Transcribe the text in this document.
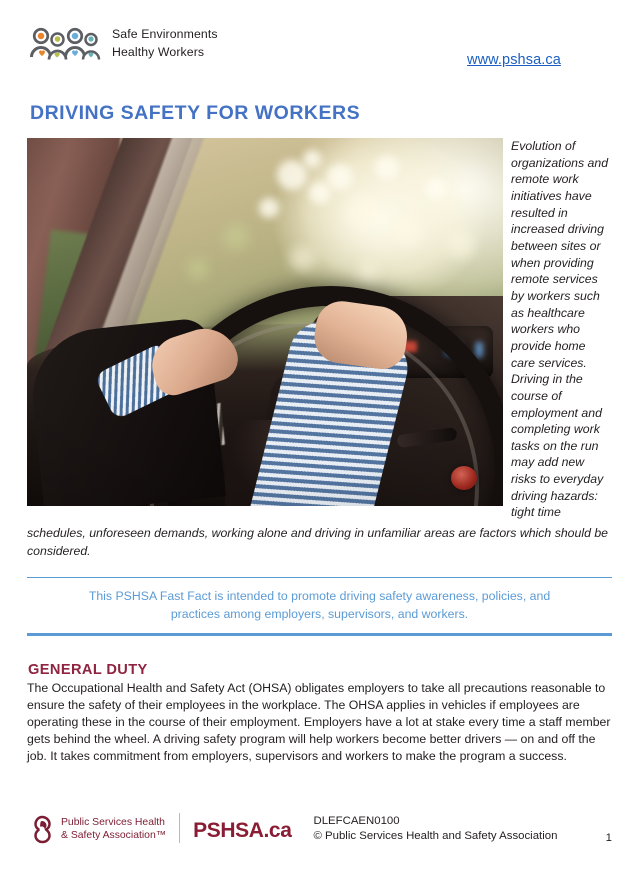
Safe Environments
Healthy Workers	www.pshsa.ca
DRIVING SAFETY FOR WORKERS

Evolution of organizations and remote work initiatives have resulted in increased driving between sites or when providing remote services by workers such as healthcare workers who provide home care services. Driving in the course of employment and completing work tasks on the run may add new risks to everyday driving hazards: tight time

schedules, unforeseen demands, working alone and driving in unfamiliar areas are factors which should be considered.

This PSHSA Fast Fact is intended to promote driving safety awareness, policies, and practices among employers, supervisors, and workers.
GENERAL DUTY

The Occupational Health and Safety Act (OHSA) obligates employers to take all precautions reasonable to ensure the safety of their employees in the workplace. The OHSA applies in vehicles if employees are operating these in the course of their employment. Employers have a lot at stake every time a staff member gets behind the wheel. A driving safety program will help workers become better drivers — on and off the job. It takes commitment from employers, supervisors and workers to make the program a success.

Public Services Health
& Safety Association™ PSHSA.ca DLEFCAEN0100
© Public Services Health and Safety Association	1
